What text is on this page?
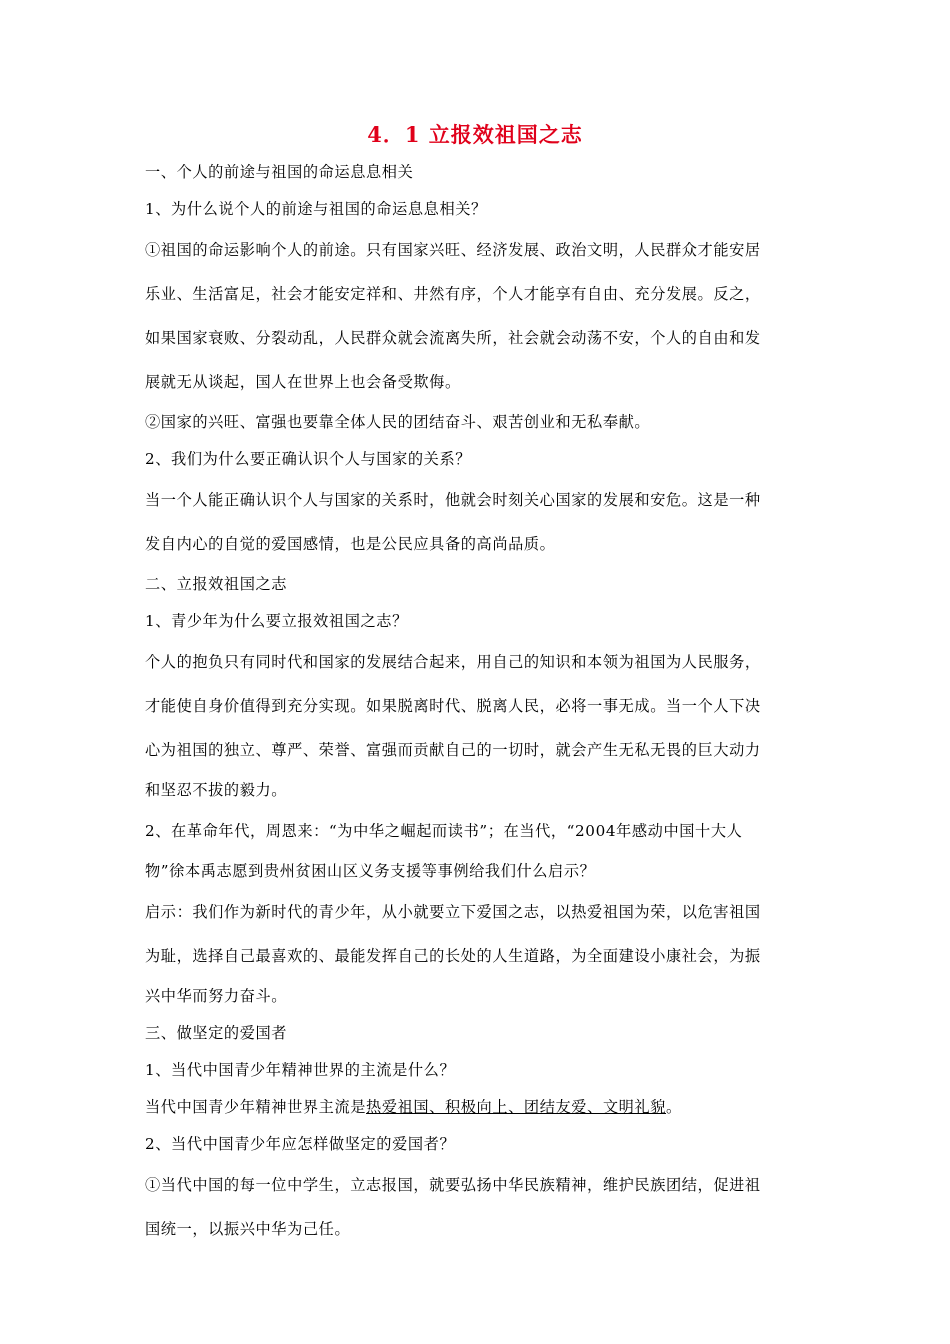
4．1 立报效祖国之志

一、个人的前途与祖国的命运息息相关

1、为什么说个人的前途与祖国的命运息息相关？

①祖国的命运影响个人的前途。只有国家兴旺、经济发展、政治文明，人民群众才能安居

乐业、生活富足，社会才能安定祥和、井然有序，个人才能享有自由、充分发展。反之，

如果国家衰败、分裂动乱，人民群众就会流离失所，社会就会动荡不安，个人的自由和发

展就无从谈起，国人在世界上也会备受欺侮。

②国家的兴旺、富强也要靠全体人民的团结奋斗、艰苦创业和无私奉献。

2、我们为什么要正确认识个人与国家的关系？

当一个人能正确认识个人与国家的关系时，他就会时刻关心国家的发展和安危。这是一种

发自内心的自觉的爱国感情，也是公民应具备的高尚品质。

二、立报效祖国之志

1、青少年为什么要立报效祖国之志？

个人的抱负只有同时代和国家的发展结合起来，用自己的知识和本领为祖国为人民服务，

才能使自身价值得到充分实现。如果脱离时代、脱离人民，必将一事无成。当一个人下决

心为祖国的独立、尊严、荣誉、富强而贡献自己的一切时，就会产生无私无畏的巨大动力

和坚忍不拔的毅力。

2、在革命年代，周恩来：“为中华之崛起而读书”；在当代，“2004年感动中国十大人

物”徐本禹志愿到贵州贫困山区义务支援等事例给我们什么启示？

启示：我们作为新时代的青少年，从小就要立下爱国之志，以热爱祖国为荣，以危害祖国

为耻，选择自己最喜欢的、最能发挥自己的长处的人生道路，为全面建设小康社会，为振

兴中华而努力奋斗。

三、做坚定的爱国者

1、当代中国青少年精神世界的主流是什么？

当代中国青少年精神世界主流是热爱祖国、积极向上、团结友爱、文明礼貌。

2、当代中国青少年应怎样做坚定的爱国者？

①当代中国的每一位中学生，立志报国，就要弘扬中华民族精神，维护民族团结，促进祖

国统一，以振兴中华为己任。
